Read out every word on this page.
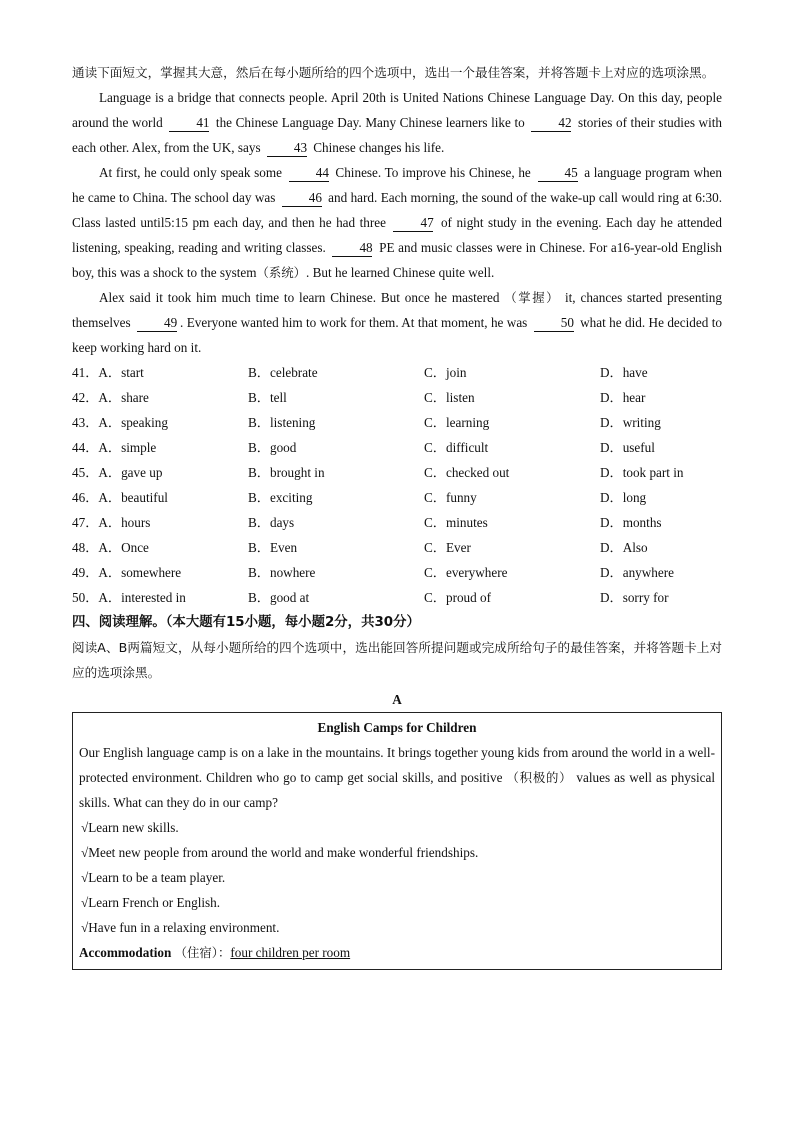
通读下面短文，掌握其大意，然后在每小题所给的四个选项中，选出一个最佳答案，并将答题卡上对应的选项涂黑。

Language is a bridge that connects people. April 20th is United Nations Chinese Language Day. On this day, people around the world 41 the Chinese Language Day. Many Chinese learners like to 42 stories of their studies with each other. Alex, from the UK, says 43 Chinese changes his life.

At first, he could only speak some 44 Chinese. To improve his Chinese, he 45 a language program when he came to China. The school day was 46 and hard. Each morning, the sound of the wake-up call would ring at 6:30. Class lasted until5:15 pm each day, and then he had three 47 of night study in the evening. Each day he attended listening, speaking, reading and writing classes. 48 PE and music classes were in Chinese. For a16-year-old English boy, this was a shock to the system（系统）. But he learned Chinese quite well.

Alex said it took him much time to learn Chinese. But once he mastered （掌握） it, chances started presenting themselves 49 . Everyone wanted him to work for them. At that moment, he was 50 what he did. He decided to keep working hard on it.

41．A．start	B．celebrate	C．join	D．have
42．A．share	B．tell	C．listen	D．hear
43．A．speaking	B．listening	C．learning	D．writing
44．A．simple	B．good	C．difficult	D．useful
45．A．gave up	B．brought in	C．checked out	D．took part in
46．A．beautiful	B．exciting	C．funny	D．long
47．A．hours	B．days	C．minutes	D．months
48．A．Once	B．Even	C．Ever	D．Also
49．A．somewhere	B．nowhere	C．everywhere	D．anywhere
50．A．interested in	B．good at	C．proud of	D．sorry for

四、阅读理解。（本大题有15小题，每小题2分，共30分）

阅读A、B两篇短文，从每小题所给的四个选项中，选出能回答所提问题或完成所给句子的最佳答案，并将答题卡上对应的选项涂黑。

A
English Camps for Children

Our English language camp is on a lake in the mountains. It brings together young kids from around the world in a well-protected environment. Children who go to camp get social skills, and positive （积极的） values as well as physical skills. What can they do in our camp?

√Learn new skills.

√Meet new people from around the world and make wonderful friendships.

√Learn to be a team player.

√Learn French or English.

√Have fun in a relaxing environment.

Accommodation （住宿）：four children per room
